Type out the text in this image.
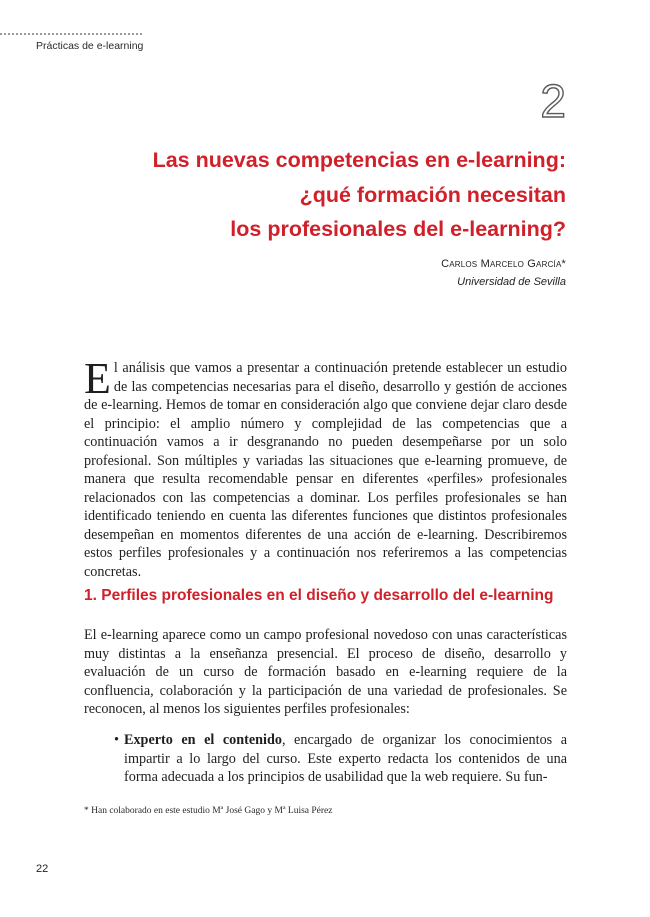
Prácticas de e-learning
2
Las nuevas competencias en e-learning:
¿qué formación necesitan
los profesionales del e-learning?
Carlos Marcelo García*
Universidad de Sevilla
El análisis que vamos a presentar a continuación pretende establecer un estudio de las competencias necesarias para el diseño, desarrollo y gestión de acciones de e-learning. Hemos de tomar en consideración algo que conviene dejar claro desde el principio: el amplio número y complejidad de las competencias que a continuación vamos a ir desgranando no pueden desempeñarse por un solo profesional. Son múltiples y variadas las situaciones que e-learning promueve, de manera que resulta recomendable pensar en diferentes «perfiles» profesionales relacionados con las competencias a dominar. Los perfiles profesionales se han identificado teniendo en cuenta las diferentes funciones que distintos profesionales desempeñan en momentos diferentes de una acción de e-learning. Describiremos estos perfiles profesionales y a continuación nos referiremos a las competencias concretas.
1. Perfiles profesionales en el diseño y desarrollo del e-learning
El e-learning aparece como un campo profesional novedoso con unas características muy distintas a la enseñanza presencial. El proceso de diseño, desarrollo y evaluación de un curso de formación basado en e-learning requiere de la confluencia, colaboración y la participación de una variedad de profesionales. Se reconocen, al menos los siguientes perfiles profesionales:
• Experto en el contenido, encargado de organizar los conocimientos a impartir a lo largo del curso. Este experto redacta los contenidos de una forma adecuada a los principios de usabilidad que la web requiere. Su fun-
* Han colaborado en este estudio Mª José Gago y Mª Luisa Pérez
22
